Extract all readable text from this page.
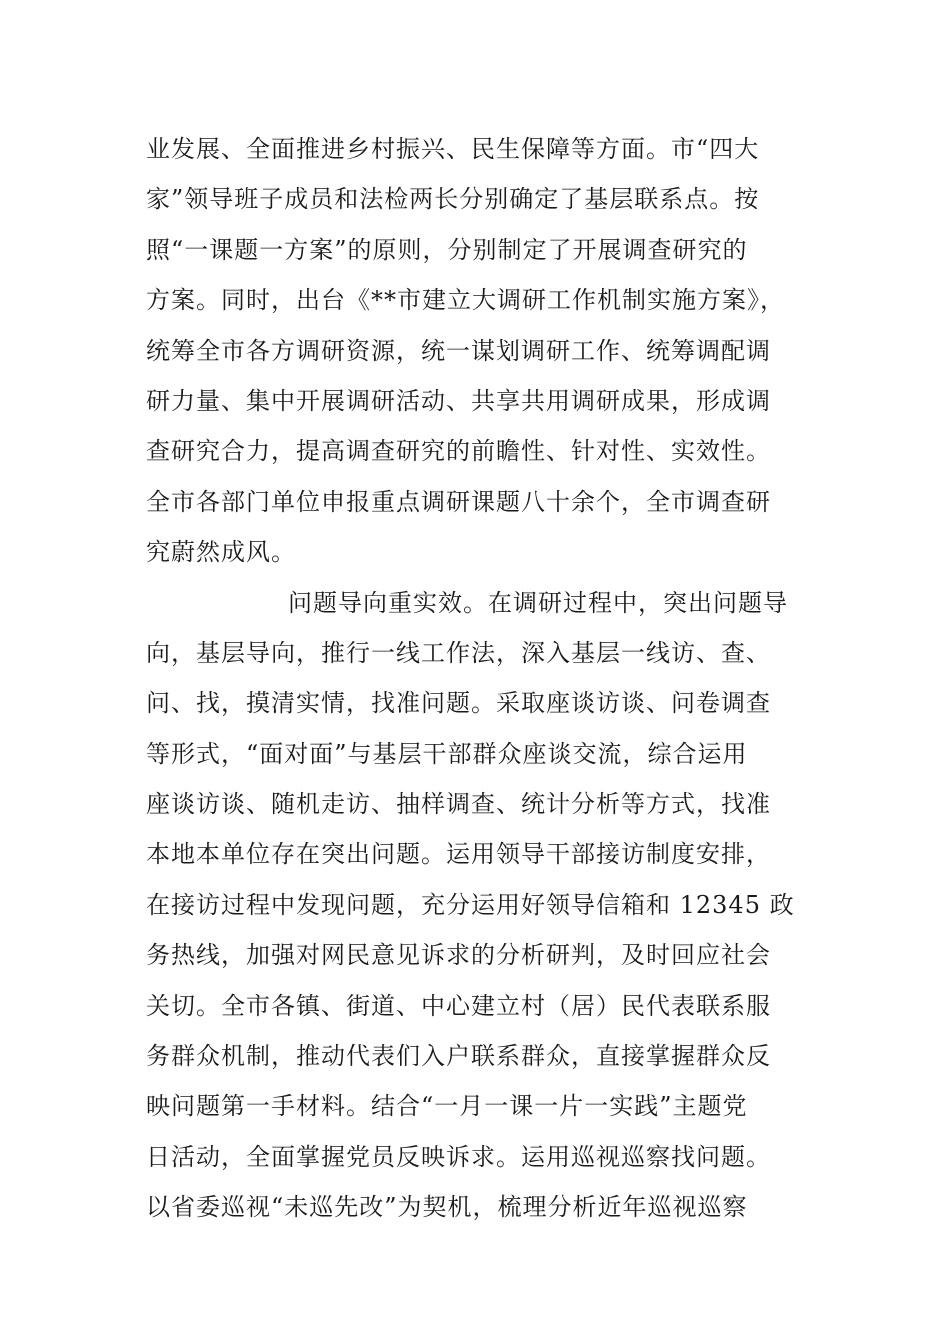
业发展、全面推进乡村振兴、民生保障等方面。市“四大
家”领导班子成员和法检两长分别确定了基层联系点。按
照“一课题一方案”的原则，分别制定了开展调查研究的
方案。同时，出台《**市建立大调研工作机制实施方案》，
统筹全市各方调研资源，统一谋划调研工作、统筹调配调
研力量、集中开展调研活动、共享共用调研成果，形成调
查研究合力，提高调查研究的前瞻性、针对性、实效性。
全市各部门单位申报重点调研课题八十余个，全市调查研
究蔚然成风。
问题导向重实效。在调研过程中，突出问题导
向，基层导向，推行一线工作法，深入基层一线访、查、
问、找，摸清实情，找准问题。采取座谈访谈、问卷调查
等形式，“面对面”与基层干部群众座谈交流，综合运用
座谈访谈、随机走访、抽样调查、统计分析等方式，找准
本地本单位存在突出问题。运用领导干部接访制度安排，
在接访过程中发现问题，充分运用好领导信箱和 12345 政
务热线，加强对网民意见诉求的分析研判，及时回应社会
关切。全市各镇、街道、中心建立村（居）民代表联系服
务群众机制，推动代表们入户联系群众，直接掌握群众反
映问题第一手材料。结合“一月一课一片一实践”主题党
日活动，全面掌握党员反映诉求。运用巡视巡察找问题。
以省委巡视“未巡先改”为契机，梳理分析近年巡视巡察
